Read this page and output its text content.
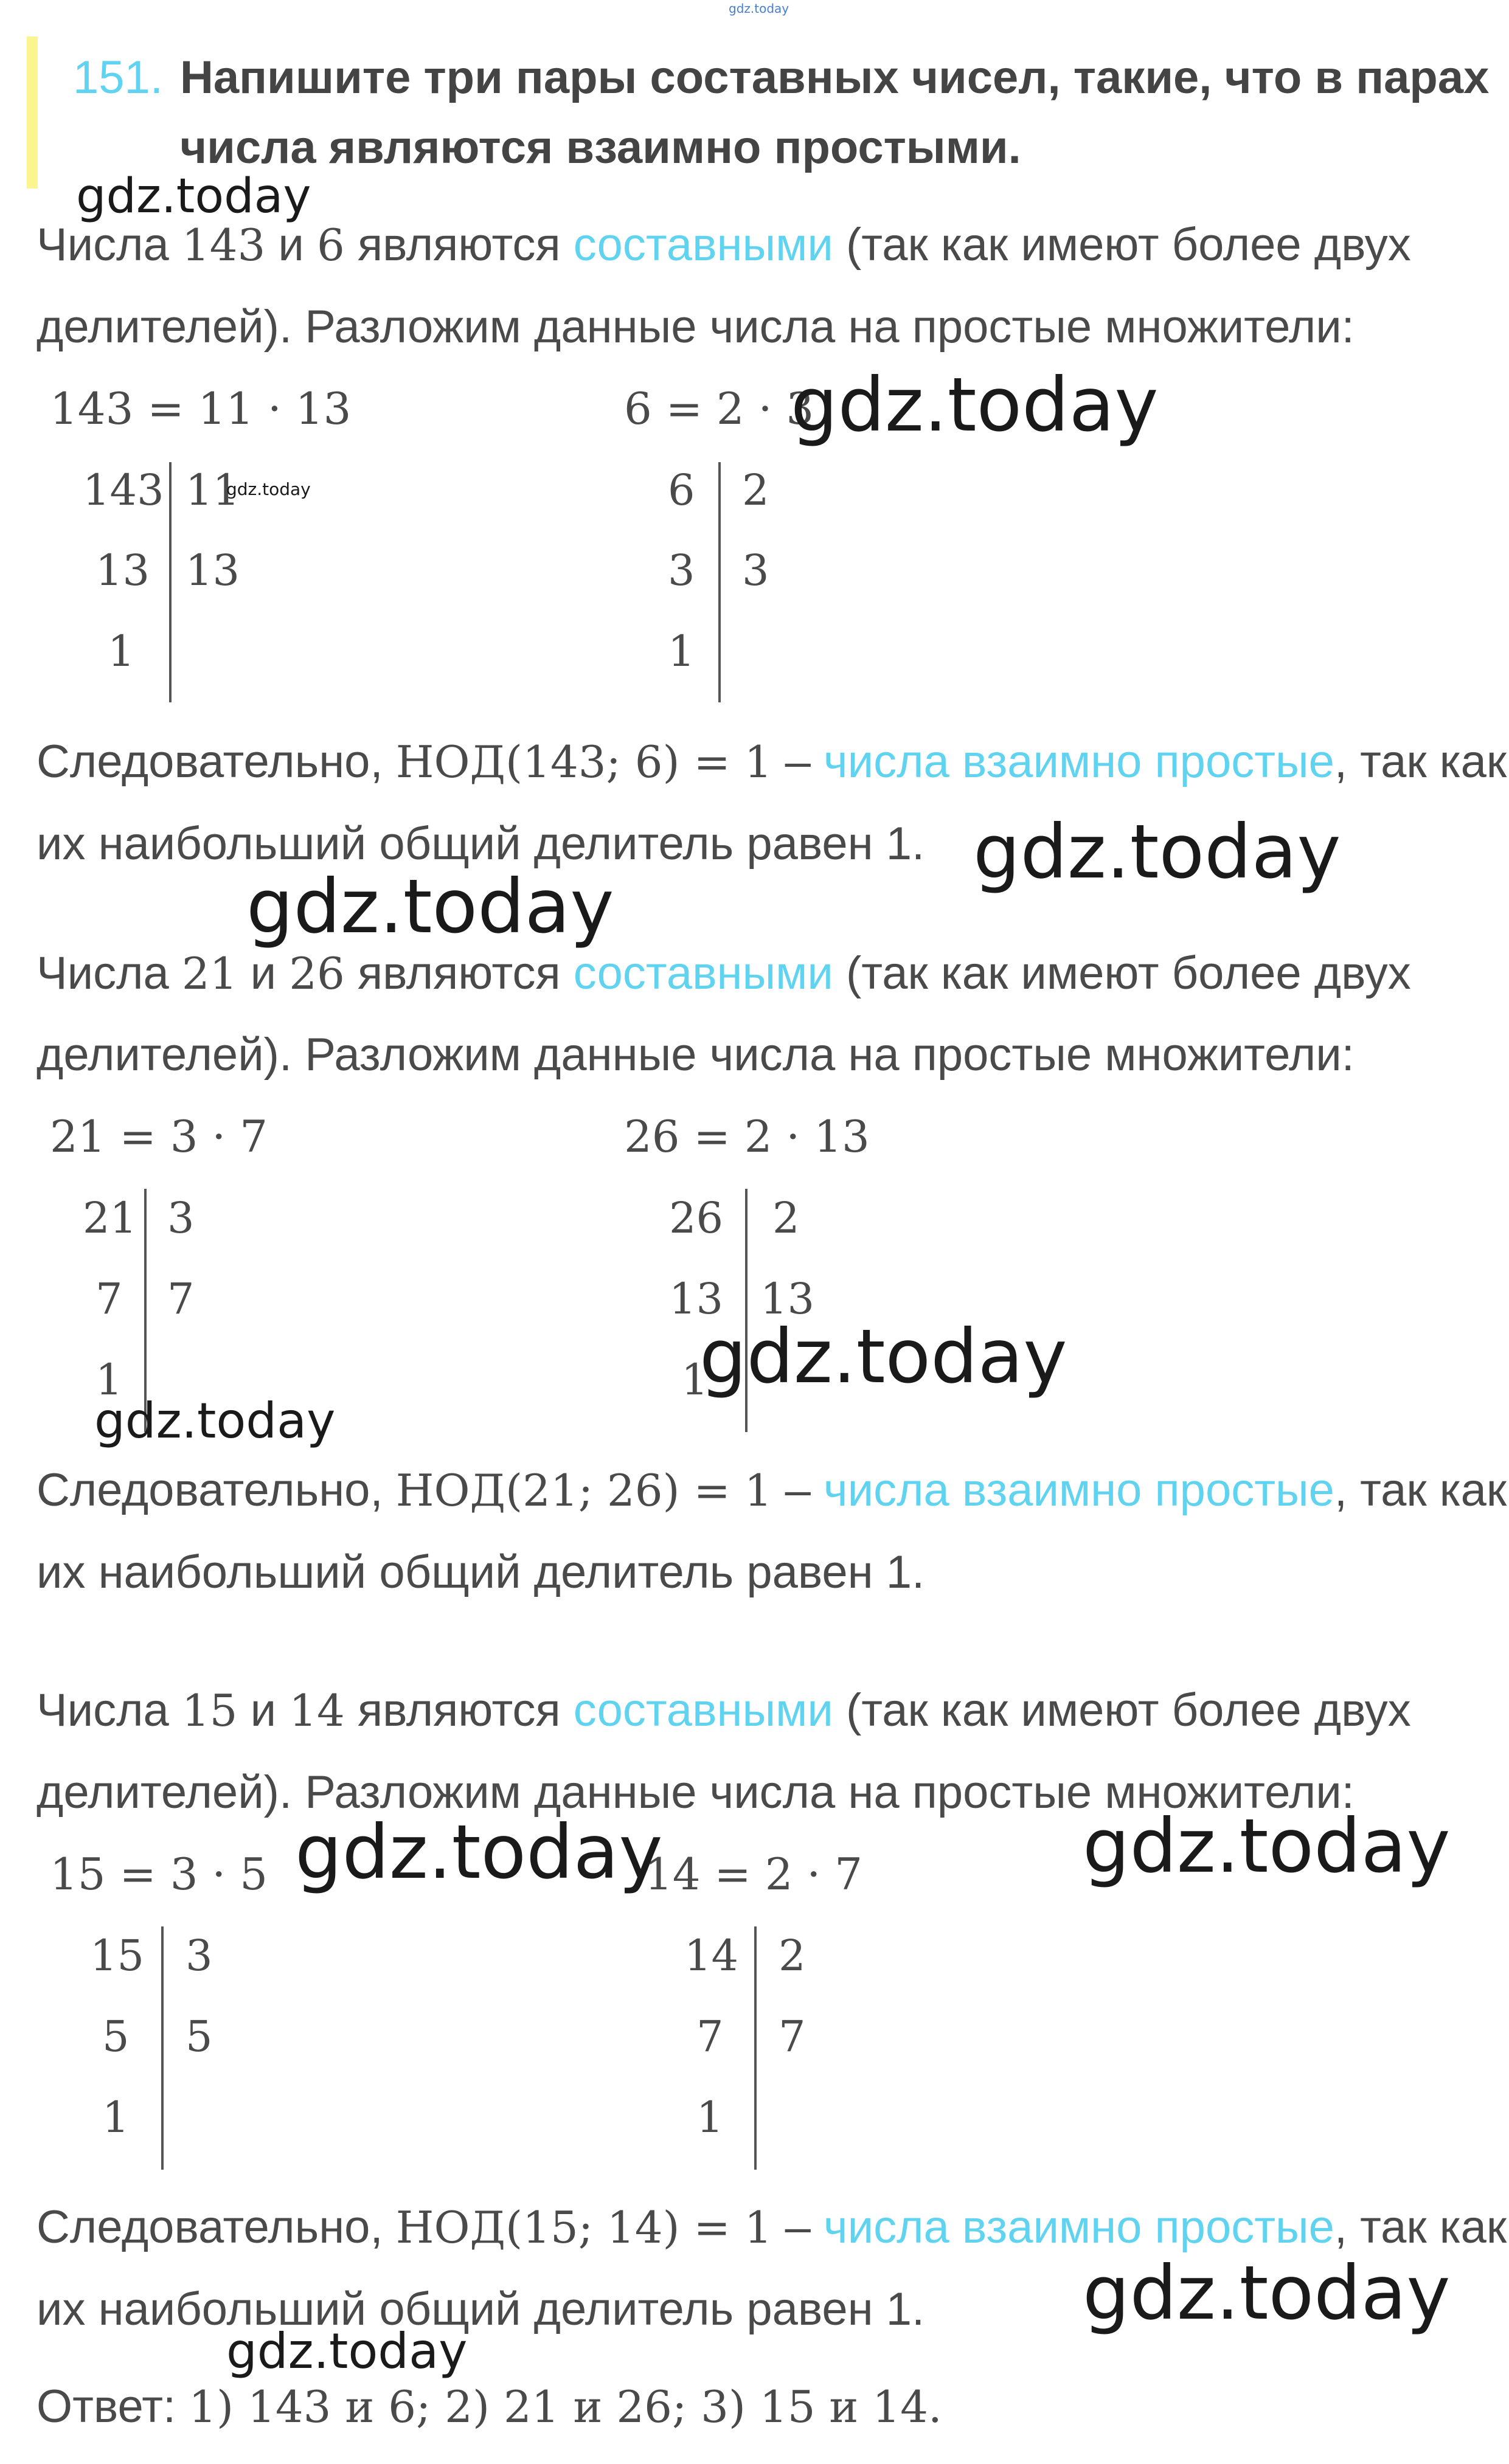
gdz.today
151. Напишите три пары составных чисел, такие, что в парах
числа являются взаимно простыми.
Числа 143 и 6 являются составными (так как имеют более двух
делителей). Разложим данные числа на простые множители:
143 = 11 · 13	6 = 2 · 3
143 11
13 13
1
6 2
3 3
1
Следовательно, НОД(143; 6) = 1 – числа взаимно простые, так как
их наибольший общий делитель равен 1.
Числа 21 и 26 являются составными (так как имеют более двух
делителей). Разложим данные числа на простые множители:
21 = 3 · 7	26 = 2 · 13
21 3
7 7
1
26 2
13 13
1
Следовательно, НОД(21; 26) = 1 – числа взаимно простые, так как
их наибольший общий делитель равен 1.
Числа 15 и 14 являются составными (так как имеют более двух
делителей). Разложим данные числа на простые множители:
15 = 3 · 5	14 = 2 · 7
15 3
5 5
1
14 2
7 7
1
Следовательно, НОД(15; 14) = 1 – числа взаимно простые, так как
их наибольший общий делитель равен 1.
Ответ: 1) 143 и 6; 2) 21 и 26; 3) 15 и 14.
gdz.today
gdz.today
gdz.today
gdz.today
gdz.today
gdz.today
gdz.today
gdz.today	gdz.today
gdz.today
gdz.today
